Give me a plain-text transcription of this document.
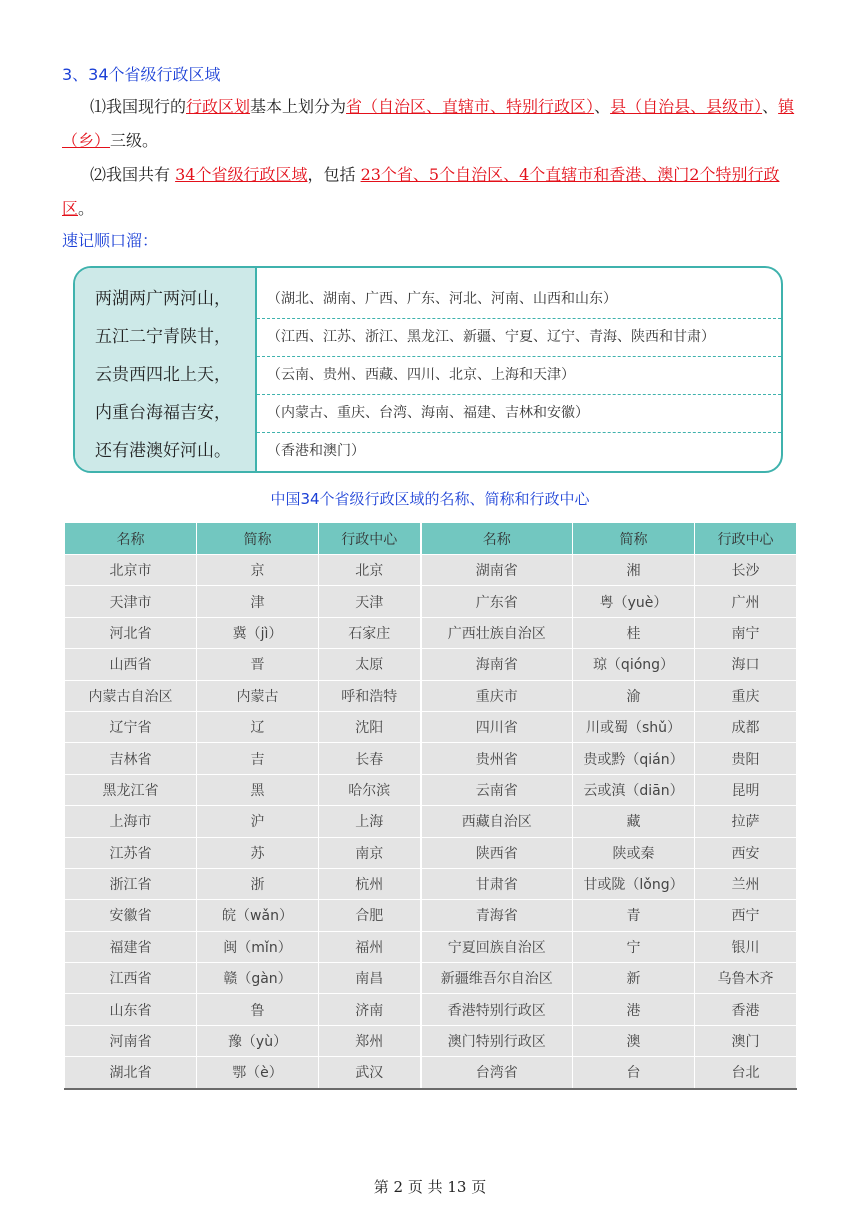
3、34个省级行政区域
⑴我国现行的行政区划基本上划分为省（自治区、直辖市、特别行政区）、县（自治县、县级市）、镇（乡）三级。
⑵我国共有 34个省级行政区域，包括 23个省、5个自治区、4个直辖市和香港、澳门2个特别行政区。
速记顺口溜：
两湖两广两河山，	（湖北、湖南、广西、广东、河北、河南、山西和山东）
五江二宁青陕甘，	（江西、江苏、浙江、黑龙江、新疆、宁夏、辽宁、青海、陕西和甘肃）
云贵西四北上天，	（云南、贵州、西藏、四川、北京、上海和天津）
内重台海福吉安，	（内蒙古、重庆、台湾、海南、福建、吉林和安徽）
还有港澳好河山。	（香港和澳门）
中国34个省级行政区域的名称、简称和行政中心
名称	简称	行政中心	名称	简称	行政中心
北京市	京	北京	湖南省	湘	长沙
天津市	津	天津	广东省	粤（yuè）	广州
河北省	冀（jì）	石家庄	广西壮族自治区	桂	南宁
山西省	晋	太原	海南省	琼（qióng）	海口
内蒙古自治区	内蒙古	呼和浩特	重庆市	渝	重庆
辽宁省	辽	沈阳	四川省	川或蜀（shǔ）	成都
吉林省	吉	长春	贵州省	贵或黔（qián）	贵阳
黑龙江省	黑	哈尔滨	云南省	云或滇（diān）	昆明
上海市	沪	上海	西藏自治区	藏	拉萨
江苏省	苏	南京	陕西省	陕或秦	西安
浙江省	浙	杭州	甘肃省	甘或陇（lǒng）	兰州
安徽省	皖（wǎn）	合肥	青海省	青	西宁
福建省	闽（mǐn）	福州	宁夏回族自治区	宁	银川
江西省	赣（gàn）	南昌	新疆维吾尔自治区	新	乌鲁木齐
山东省	鲁	济南	香港特别行政区	港	香港
河南省	豫（yù）	郑州	澳门特别行政区	澳	澳门
湖北省	鄂（è）	武汉	台湾省	台	台北
第 2 页 共 13 页
